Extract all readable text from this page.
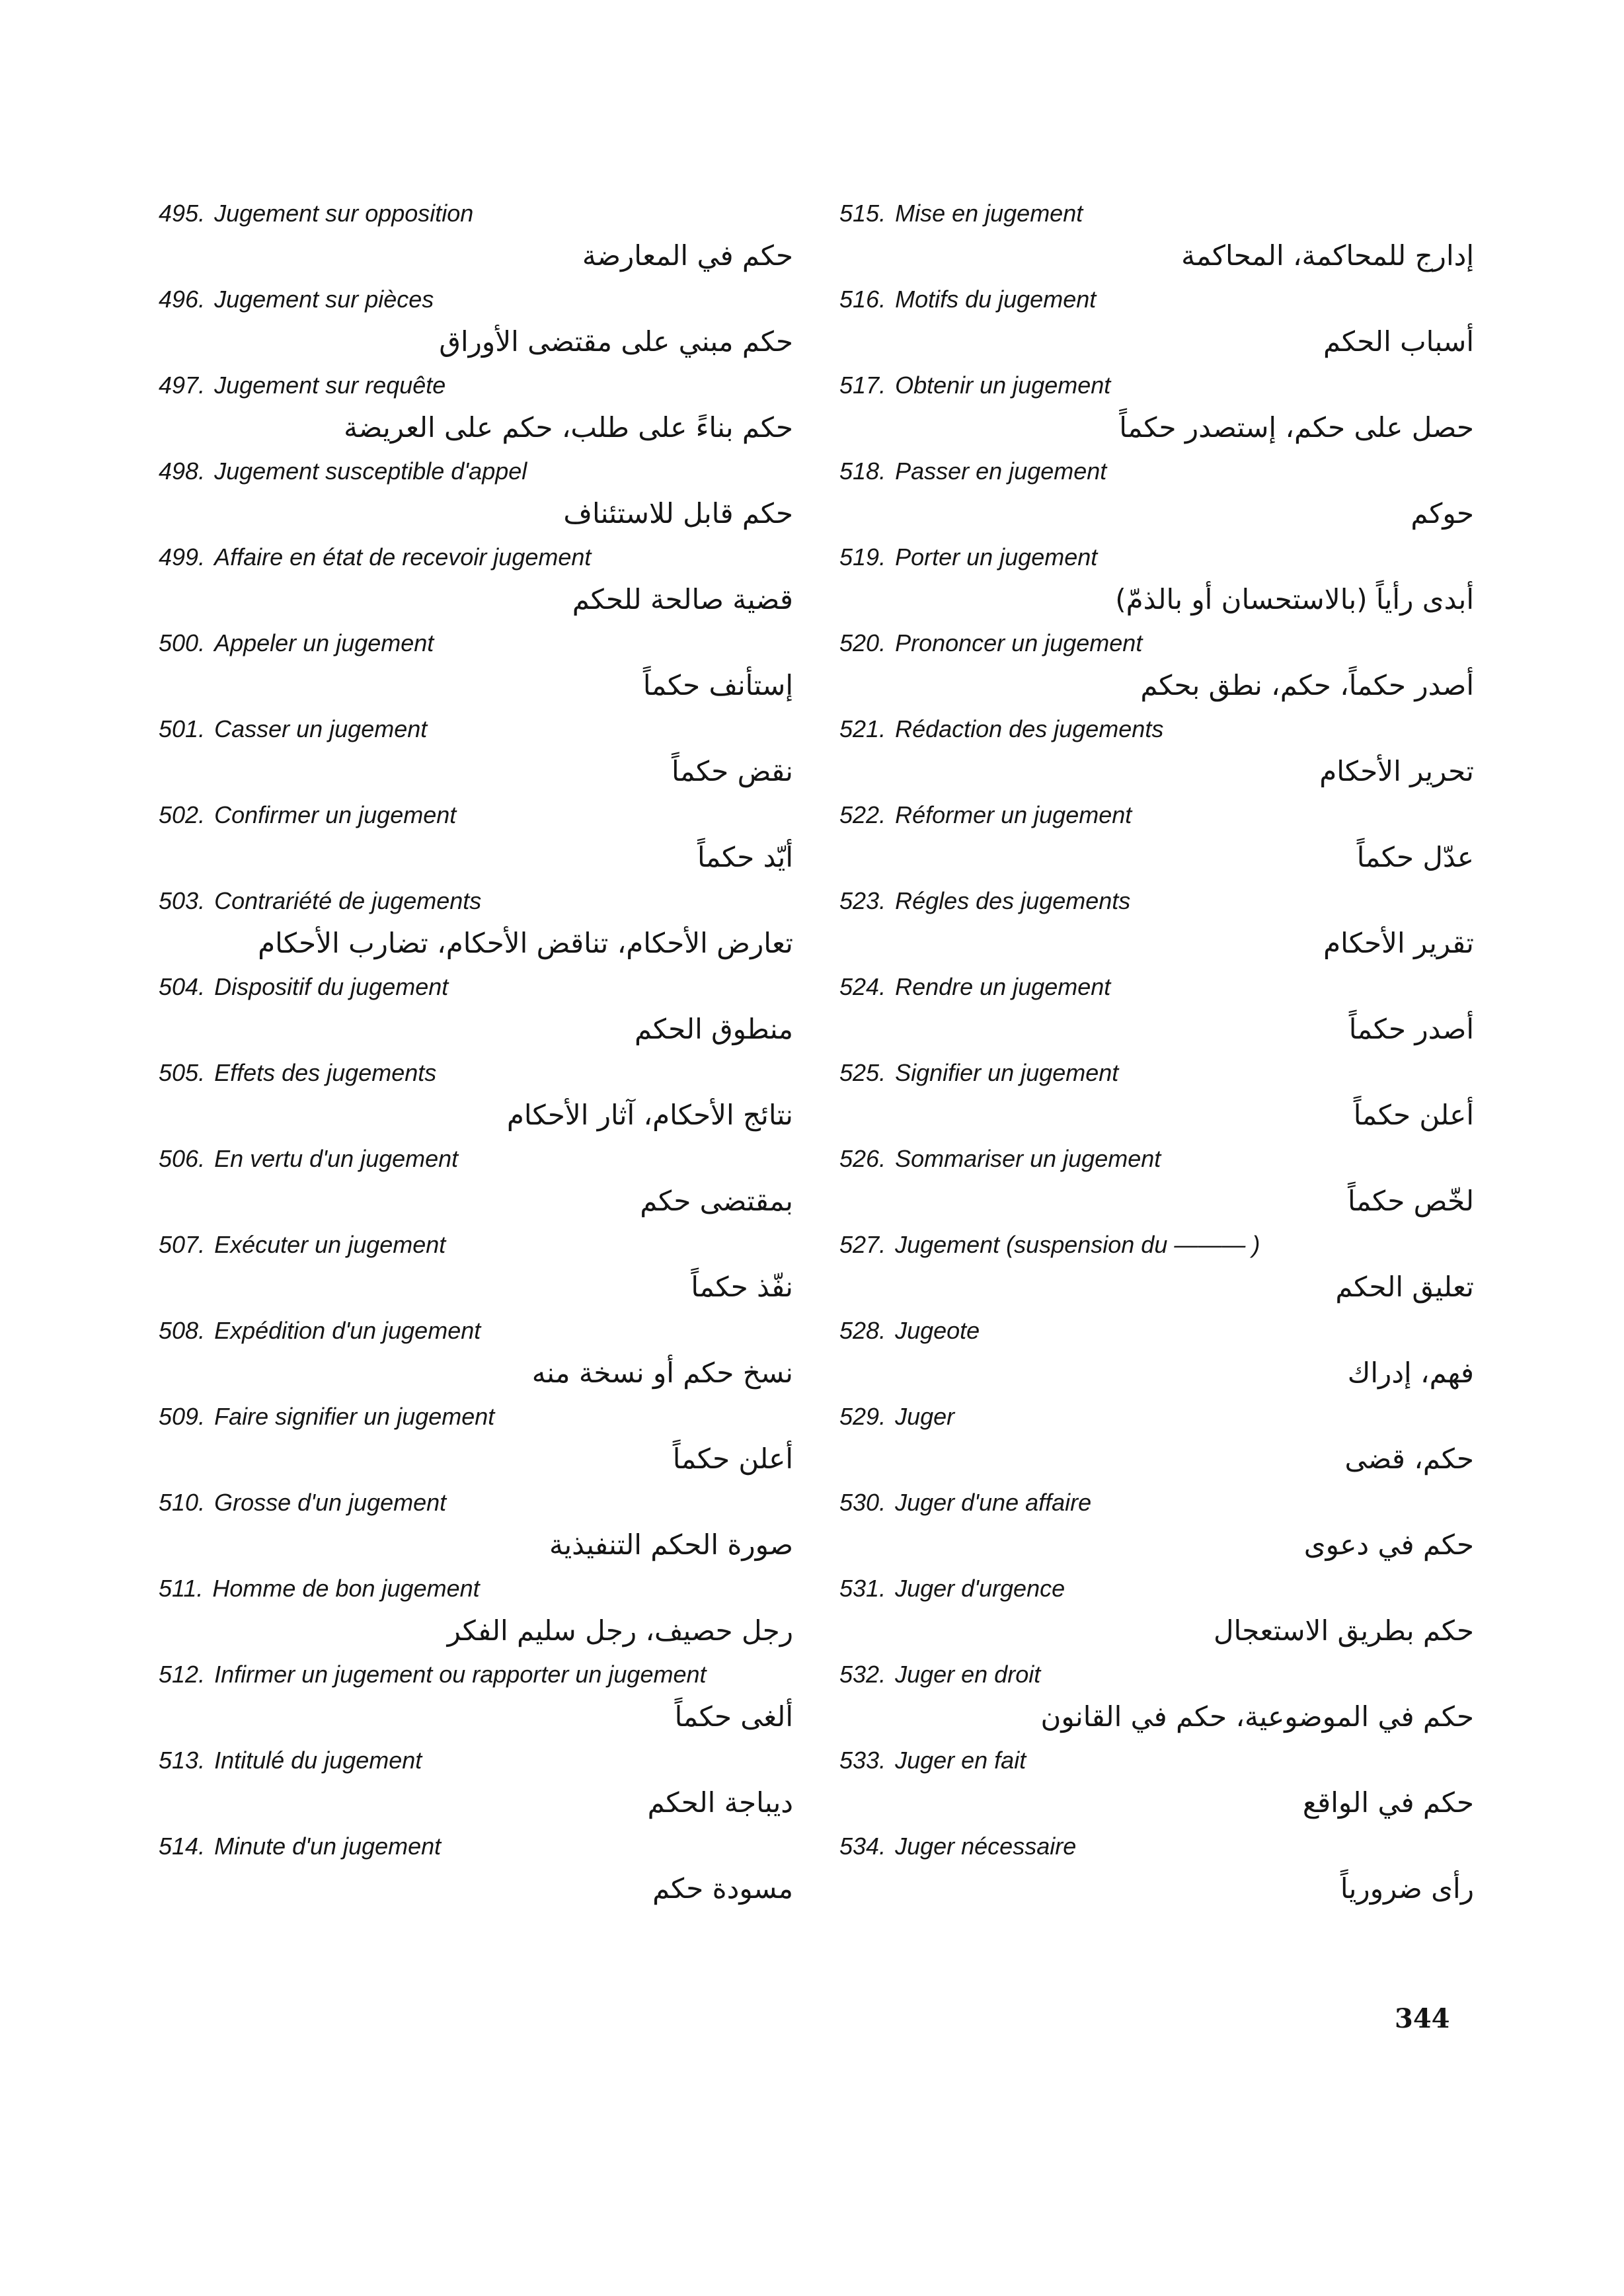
495. Jugement sur opposition
حكم في المعارضة
496. Jugement sur pièces
حكم مبني على مقتضى الأوراق
497. Jugement sur requête
حكم بناءً على طلب، حكم على العريضة
498. Jugement susceptible d'appel
حكم قابل للاستئناف
499. Affaire en état de recevoir jugement
قضية صالحة للحكم
500. Appeler un jugement
إستأنف حكماً
501. Casser un jugement
نقض حكماً
502. Confirmer un jugement
أيّد حكماً
503. Contrariété de jugements
تعارض الأحكام، تناقض الأحكام، تضارب الأحكام
504. Dispositif du jugement
منطوق الحكم
505. Effets des jugements
نتائج الأحكام، آثار الأحكام
506. En vertu d'un jugement
بمقتضى حكم
507. Exécuter un jugement
نفّذ حكماً
508. Expédition d'un jugement
نسخ حكم أو نسخة منه
509. Faire signifier un jugement
أعلن حكماً
510. Grosse d'un jugement
صورة الحكم التنفيذية
511. Homme de bon jugement
رجل حصيف، رجل سليم الفكر
512. Infirmer un jugement ou rapporter un jugement
ألغى حكماً
513. Intitulé du jugement
ديباجة الحكم
514. Minute d'un jugement
مسودة حكم
515. Mise en jugement
إدارج للمحاكمة، المحاكمة
516. Motifs du jugement
أسباب الحكم
517. Obtenir un jugement
حصل على حكم، إستصدر حكماً
518. Passer en jugement
حوكم
519. Porter un jugement
أبدى رأياً (بالاستحسان أو بالذمّ)
520. Prononcer un jugement
أصدر حكماً، حكم، نطق بحكم
521. Rédaction des jugements
تحرير الأحكام
522. Réformer un jugement
عدّل حكماً
523. Régles des jugements
تقرير الأحكام
524. Rendre un jugement
أصدر حكماً
525. Signifier un jugement
أعلن حكماً
526. Sommariser un jugement
لخّص حكماً
527. Jugement (suspension du ——— )
تعليق الحكم
528. Jugeote
فهم، إدراك
529. Juger
حكم، قضى
530. Juger d'une affaire
حكم في دعوى
531. Juger d'urgence
حكم بطريق الاستعجال
532. Juger en droit
حكم في الموضوعية، حكم في القانون
533. Juger en fait
حكم في الواقع
534. Juger nécessaire
رأى ضرورياً
344
